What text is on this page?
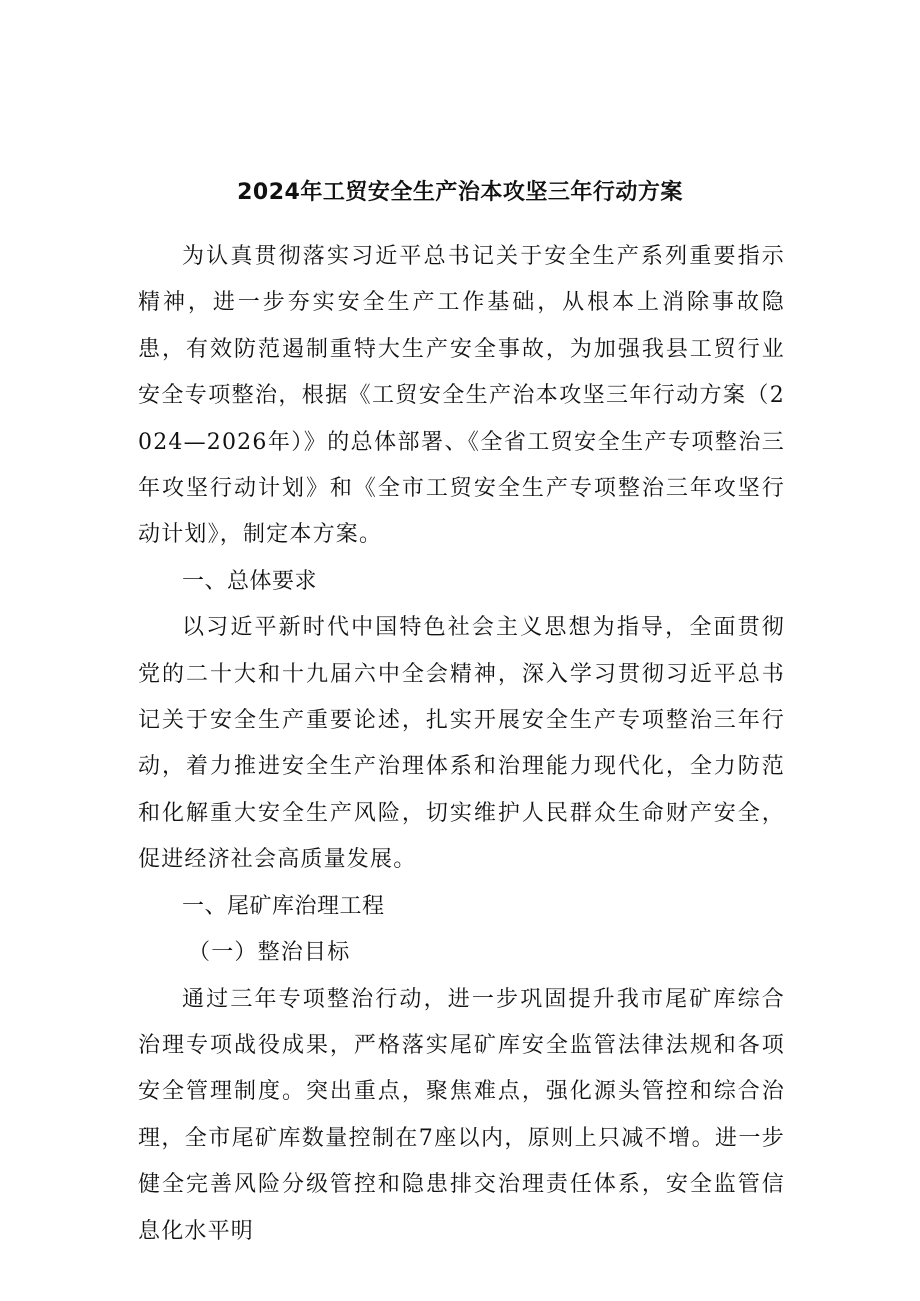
2024年工贸安全生产治本攻坚三年行动方案

为认真贯彻落实习近平总书记关于安全生产系列重要指示精神，进一步夯实安全生产工作基础，从根本上消除事故隐患，有效防范遏制重特大生产安全事故，为加强我县工贸行业安全专项整治，根据《工贸安全生产治本攻坚三年行动方案（2024—2026年）》的总体部署、《全省工贸安全生产专项整治三年攻坚行动计划》和《全市工贸安全生产专项整治三年攻坚行动计划》，制定本方案。

一、总体要求

以习近平新时代中国特色社会主义思想为指导，全面贯彻党的二十大和十九届六中全会精神，深入学习贯彻习近平总书记关于安全生产重要论述，扎实开展安全生产专项整治三年行动，着力推进安全生产治理体系和治理能力现代化，全力防范和化解重大安全生产风险，切实维护人民群众生命财产安全，促进经济社会高质量发展。

一、尾矿库治理工程

（一）整治目标

通过三年专项整治行动，进一步巩固提升我市尾矿库综合治理专项战役成果，严格落实尾矿库安全监管法律法规和各项安全管理制度。突出重点，聚焦难点，强化源头管控和综合治理，全市尾矿库数量控制在7座以内，原则上只减不增。进一步健全完善风险分级管控和隐患排交治理责任体系，安全监管信息化水平明
